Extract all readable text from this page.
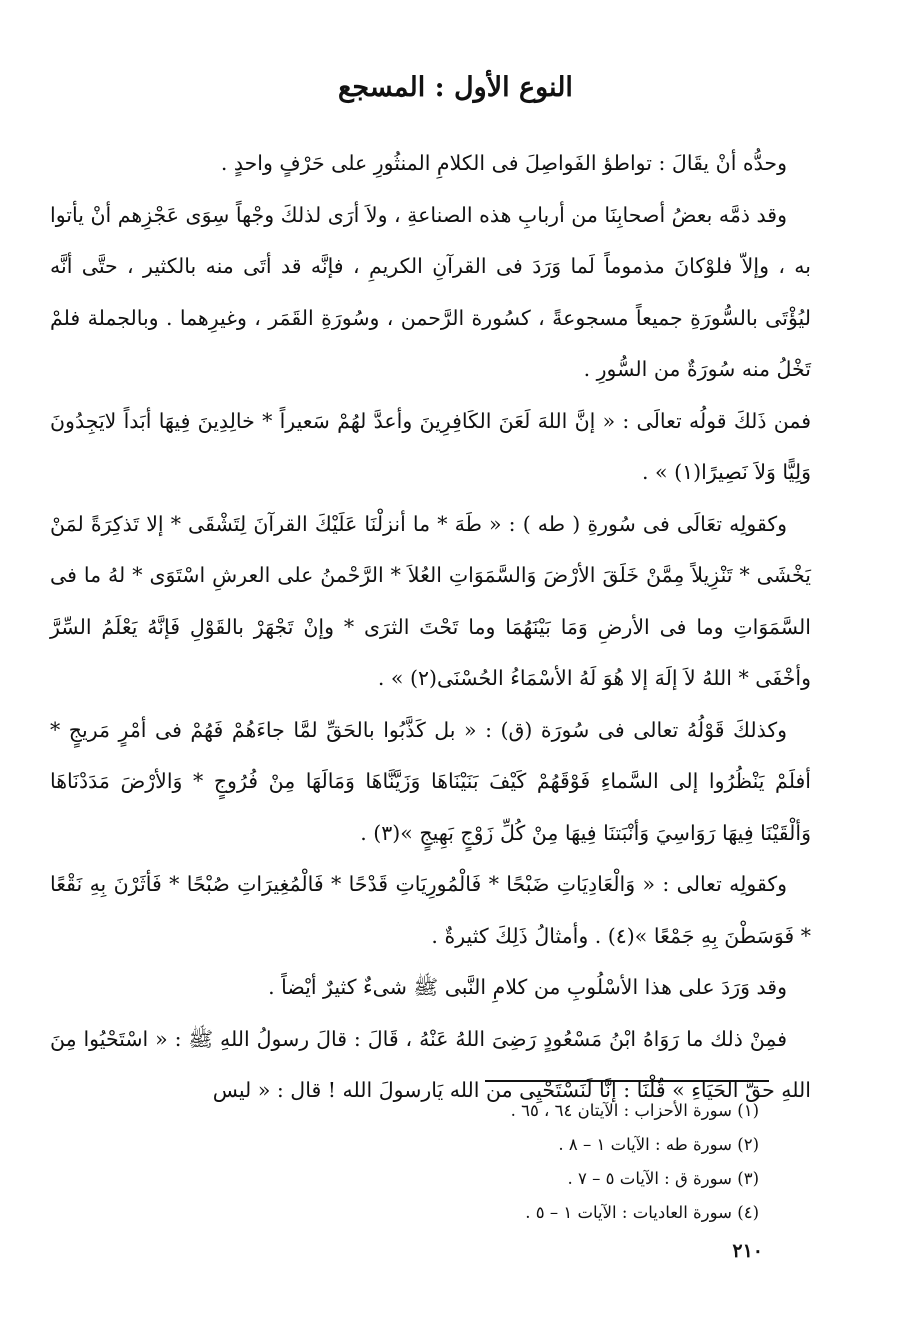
النوع الأول : المسجع

وحدُّه أنْ يقَالَ : تواطؤ الفَواصِلَ فى الكلامِ المنثُورِ على حَرْفٍ واحدٍ .

وقد ذمَّه بعضُ أصحابِنَا من أربابِ هذه الصناعةِ ، ولاَ أرَى لذلكَ وجْهاً سِوَى عَجْزِهم أنْ يأتوا به ، وإلاّ فلوْكانَ مذموماً لَما وَرَدَ فى القرآنِ الكريمِ ، فإنَّه قد أتَى منه بالكثير ، حتَّى أنَّه ليُؤْتَى بالسُّورَةِ جميعاً مسجوعةً ، كسُورة الرَّحمن ، وسُورَةِ القَمَر ، وغيرِهما . وبالجملة فلمْ تَخْلُ منه سُورَةٌ من السُّورِ .

فمن ذَلكَ قولُه تعالَى : « إنَّ اللهَ لَعَنَ الكَافِرِينَ وأعدَّ لهُمْ سَعيراً * خالِدِينَ فِيهَا أبَداً لايَجِدُونَ وَلِيًّا وَلاَ نَصِيرًا(١) » .

وكقولِه تعَالَى فى سُورةِ ( طه ) : « طَهَ * ما أنزلْنَا عَلَيْكَ القرآنَ لِتَشْقَى * إلا تَذكِرَةً لمَنْ يَخْشَى * تَنْزِيلاً مِمَّنْ خَلَقَ الأرْضَ وَالسَّمَوَاتِ العُلاَ * الرَّحْمنُ على العرشِ اسْتَوَى * لهُ ما فى السَّمَوَاتِ وما فى الأرضِ وَمَا بَيْنَهُمَا وما تَحْتَ الثرَى * وإنْ تَجْهَرْ بالقَوْلِ فَإنَّهُ يَعْلَمُ السِّرَّ وأخْفَى * اللهُ لاَ إلَهَ إلا هُوَ لَهُ الأسْمَاءُ الحُسْنَى(٢) » .

وكذلكَ قَوْلُهُ تعالى فى سُورَة (ق) : « بل كَذَّبُوا بالحَقِّ لمَّا جاءَهُمْ فَهُمْ فى أمْرٍ مَريجٍ * أفلَمْ يَنْظُرُوا إلى السَّماءِ فَوْقَهُمْ كَيْفَ بَنَيْنَاهَا وَزَيَّنَّاهَا وَمَالَهَا مِنْ فُرُوجٍ * وَالأرْضَ مَدَدْنَاهَا وَألْقَيْنَا فِيهَا رَوَاسِيَ وَأنْبَتنَا فِيهَا مِنْ كُلِّ زَوْجٍ بَهِيجٍ »(٣) .

وكقولِه تعالى : « وَالْعَادِيَاتِ ضَبْحًا * فَالْمُورِيَاتِ قَدْحًا * فَالْمُغِيرَاتِ صُبْحًا * فَأثَرْنَ بِهِ نَقْعًا * فَوَسَطْنَ بِهِ جَمْعًا »(٤) . وأمثالُ ذَلِكَ كثيرةٌ .

وقد وَرَدَ على هذا الأسْلُوبِ من كلامِ النَّبى ﷺ شىءٌ كثيرٌ أيْضاً .

فمِنْ ذلك ما رَوَاهُ ابْنُ مَسْعُودٍ رَضِىَ اللهُ عَنْهُ ، قَالَ : قالَ رسولُ اللهِ ﷺ : « اسْتَحْيُوا مِنَ اللهِ حقَّ الحَيَاءِ » قُلْنَا : إنَّا لَنَسْتَحْيِى من الله يَارسولَ الله ! قال : « ليس

(١) سورة الأحزاب : الآيتان ٦٤ ، ٦٥ .

(٢) سورة طه : الآيات ١ – ٨ .

(٣) سورة ق : الآيات ٥ – ٧ .

(٤) سورة العاديات : الآيات ١ – ٥ .

٢١٠
